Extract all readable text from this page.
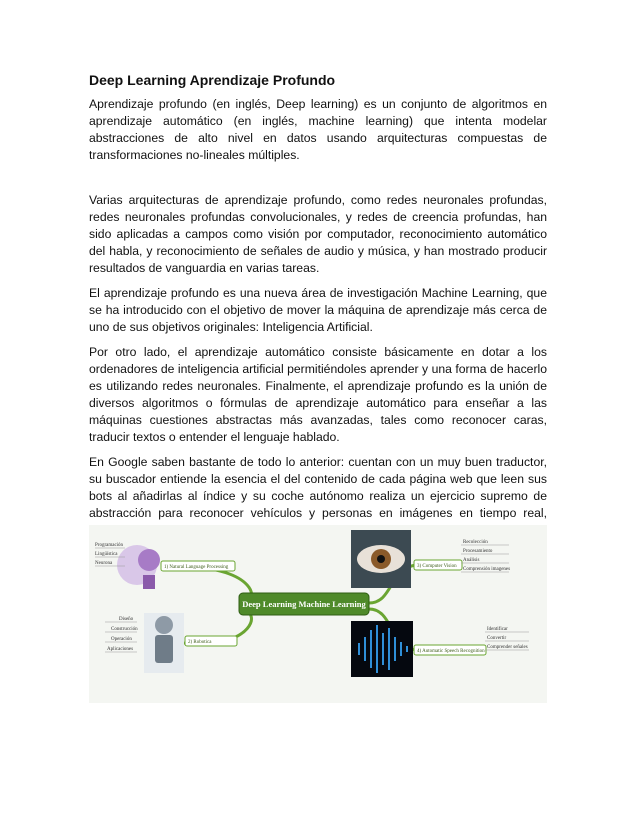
Deep Learning Aprendizaje Profundo

Aprendizaje profundo (en inglés, Deep learning) es un conjunto de algoritmos en aprendizaje automático (en inglés, machine learning) que intenta modelar abstracciones de alto nivel en datos usando arquitecturas compuestas de transformaciones no-lineales múltiples.

Varias arquitecturas de aprendizaje profundo, como redes neuronales profundas, redes neuronales profundas convolucionales, y redes de creencia profundas, han sido aplicadas a campos como visión por computador, reconocimiento automático del habla, y reconocimiento de señales de audio y música, y han mostrado producir resultados de vanguardia en varias tareas.

El aprendizaje profundo es una nueva área de investigación Machine Learning, que se ha introducido con el objetivo de mover la máquina de aprendizaje más cerca de uno de sus objetivos originales: Inteligencia Artificial.

Por otro lado, el aprendizaje automático consiste básicamente en dotar a los ordenadores de inteligencia artificial permitiéndoles aprender y una forma de hacerlo es utilizando redes neuronales. Finalmente, el aprendizaje profundo es la unión de diversos algoritmos o fórmulas de aprendizaje automático para enseñar a las máquinas cuestiones abstractas más avanzadas, tales como reconocer caras, traducir textos o entender el lenguaje hablado.

En Google saben bastante de todo lo anterior: cuentan con un muy buen traductor, su buscador entiende la esencia el del contenido de cada página web que leen sus bots al añadirlas al índice y su coche autónomo realiza un ejercicio supremo de abstracción para reconocer vehículos y personas en imágenes en tiempo real,

Deep Learning Machine Learning
1) Natural Language Processing
Programación
Lingüística
Neurona
2) Robotica
Diseño
Construcción
Operación
Aplicaciones
3) Computer Vision
Recolección
Procesamiento
Análisis
Comprensión imagenes
4) Automatic Speech Recognition
Identificar
Convertir
Comprender señales
